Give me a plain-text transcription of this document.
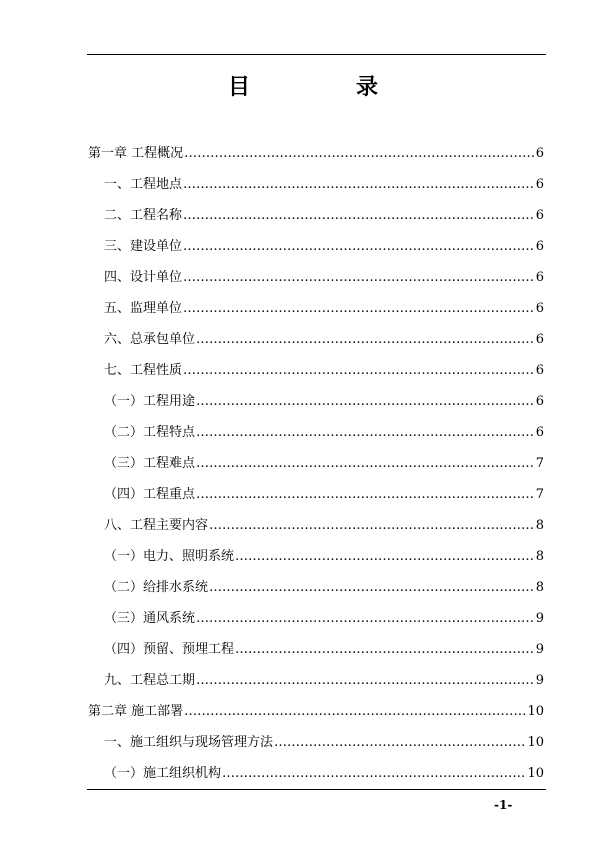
目	录
第一章 工程概况 ……………………………………………………………………………………………………………………………………………………………………	6
一、工程地点 ……………………………………………………………………………………………………………………………………………………………………	6
二、工程名称 ……………………………………………………………………………………………………………………………………………………………………	6
三、建设单位 ……………………………………………………………………………………………………………………………………………………………………	6
四、设计单位 ……………………………………………………………………………………………………………………………………………………………………	6
五、监理单位 ……………………………………………………………………………………………………………………………………………………………………	6
六、总承包单位 ……………………………………………………………………………………………………………………………………………………………………	6
七、工程性质 ……………………………………………………………………………………………………………………………………………………………………	6
（一）工程用途 ……………………………………………………………………………………………………………………………………………………………………	6
（二）工程特点 ……………………………………………………………………………………………………………………………………………………………………	6
（三）工程难点 ……………………………………………………………………………………………………………………………………………………………………	7
（四）工程重点 ……………………………………………………………………………………………………………………………………………………………………	7
八、工程主要内容 ……………………………………………………………………………………………………………………………………………………………………	8
（一）电力、照明系统 ……………………………………………………………………………………………………………………………………………………………………	8
（二）给排水系统 ……………………………………………………………………………………………………………………………………………………………………	8
（三）通风系统 ……………………………………………………………………………………………………………………………………………………………………	9
（四）预留、预埋工程 ……………………………………………………………………………………………………………………………………………………………………	9
九、工程总工期 ……………………………………………………………………………………………………………………………………………………………………	9
第二章 施工部署 ……………………………………………………………………………………………………………………………………………………………………	10
一、施工组织与现场管理方法 ……………………………………………………………………………………………………………………………………………………………………	10
（一）施工组织机构 ……………………………………………………………………………………………………………………………………………………………………	10
-1-
